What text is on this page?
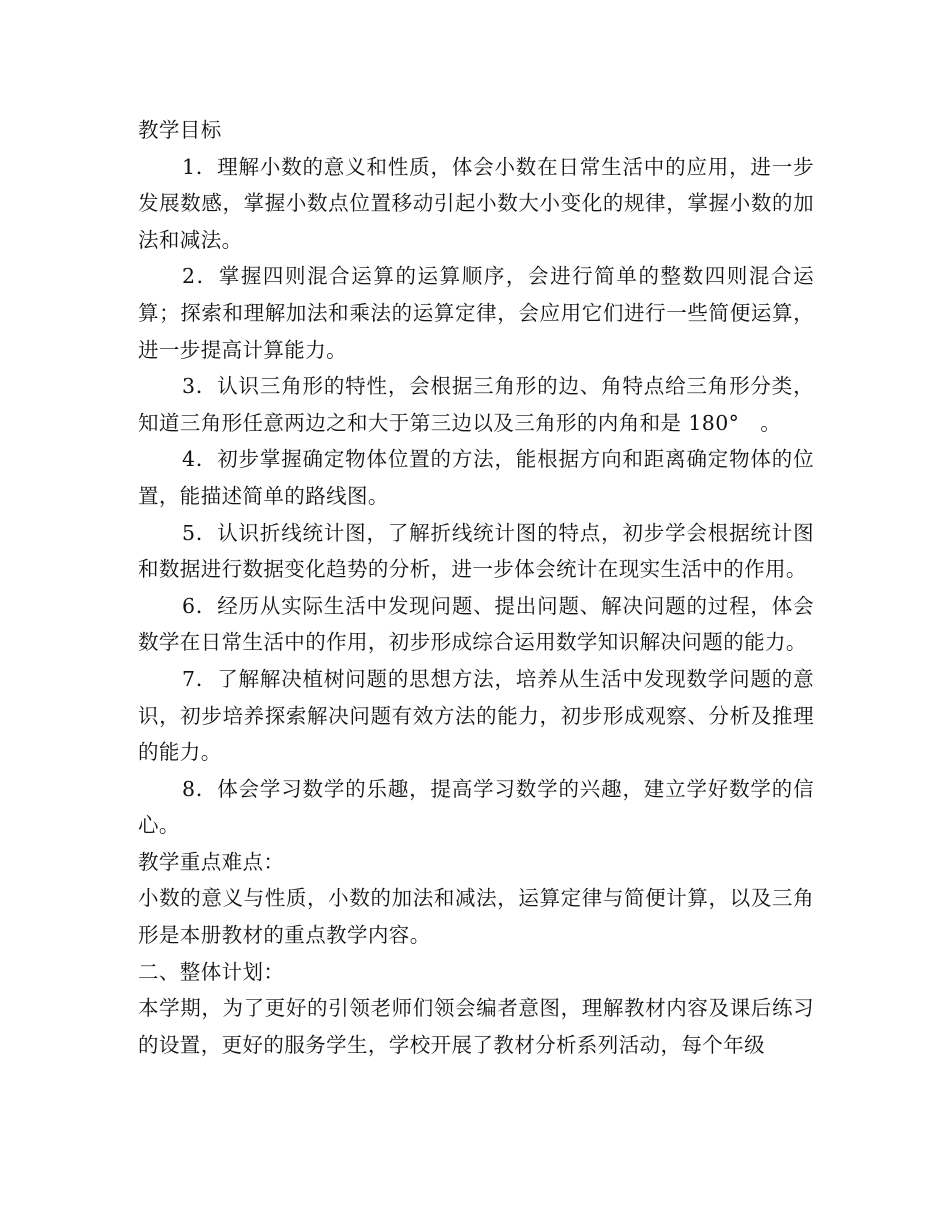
教学目标

1．理解小数的意义和性质，体会小数在日常生活中的应用，进一步发展数感，掌握小数点位置移动引起小数大小变化的规律，掌握小数的加法和减法。

2．掌握四则混合运算的运算顺序，会进行简单的整数四则混合运算；探索和理解加法和乘法的运算定律，会应用它们进行一些简便运算，进一步提高计算能力。

3．认识三角形的特性，会根据三角形的边、角特点给三角形分类，知道三角形任意两边之和大于第三边以及三角形的内角和是 180°　。

4．初步掌握确定物体位置的方法，能根据方向和距离确定物体的位置，能描述简单的路线图。

5．认识折线统计图，了解折线统计图的特点，初步学会根据统计图和数据进行数据变化趋势的分析，进一步体会统计在现实生活中的作用。

6．经历从实际生活中发现问题、提出问题、解决问题的过程，体会数学在日常生活中的作用，初步形成综合运用数学知识解决问题的能力。

7．了解解决植树问题的思想方法，培养从生活中发现数学问题的意识，初步培养探索解决问题有效方法的能力，初步形成观察、分析及推理的能力。

8．体会学习数学的乐趣，提高学习数学的兴趣，建立学好数学的信心。

教学重点难点：

小数的意义与性质，小数的加法和减法，运算定律与简便计算，以及三角形是本册教材的重点教学内容。

二、整体计划：

本学期，为了更好的引领老师们领会编者意图，理解教材内容及课后练习的设置，更好的服务学生，学校开展了教材分析系列活动，每个年级
